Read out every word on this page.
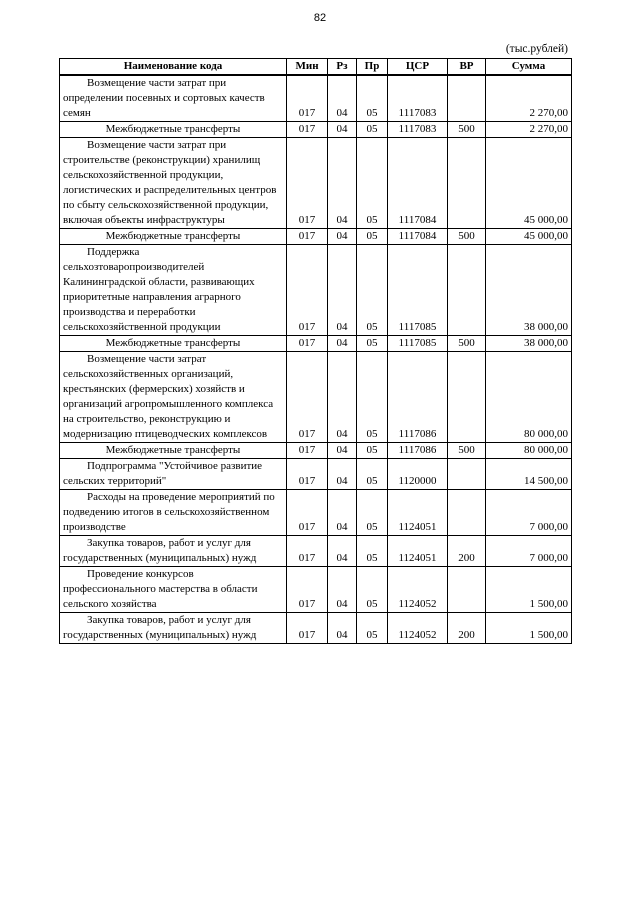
82
(тыс.рублей)
Наименование кода	Мин	Рз	Пр	ЦСР	ВР	Сумма

Возмещение части затрат при определении посевных и сортовых качеств семян	017	04	05	1117083		2 270,00
Межбюджетные трансферты	017	04	05	1117083	500	2 270,00

Возмещение части затрат при строительстве (реконструкции) хранилищ сельскохозяйственной продукции, логистических и распределительных центров по сбыту сельскохозяйственной продукции, включая объекты инфраструктуры	017	04	05	1117084		45 000,00
Межбюджетные трансферты	017	04	05	1117084	500	45 000,00

Поддержка сельхозтоваропроизводителей Калининградской области, развивающих приоритетные направления аграрного производства и переработки сельскохозяйственной продукции	017	04	05	1117085		38 000,00
Межбюджетные трансферты	017	04	05	1117085	500	38 000,00

Возмещение части затрат сельскохозяйственных организаций, крестьянских (фермерских) хозяйств и организаций агропромышленного комплекса на строительство, реконструкцию и модернизацию птицеводческих комплексов	017	04	05	1117086		80 000,00
Межбюджетные трансферты	017	04	05	1117086	500	80 000,00

Подпрограмма "Устойчивое развитие сельских территорий"	017	04	05	1120000		14 500,00

Расходы на проведение мероприятий по подведению итогов в сельскохозяйственном производстве	017	04	05	1124051		7 000,00

Закупка товаров, работ и услуг для государственных (муниципальных) нужд	017	04	05	1124051	200	7 000,00

Проведение конкурсов профессионального мастерства в области сельского хозяйства	017	04	05	1124052		1 500,00

Закупка товаров, работ и услуг для государственных (муниципальных) нужд	017	04	05	1124052	200	1 500,00
